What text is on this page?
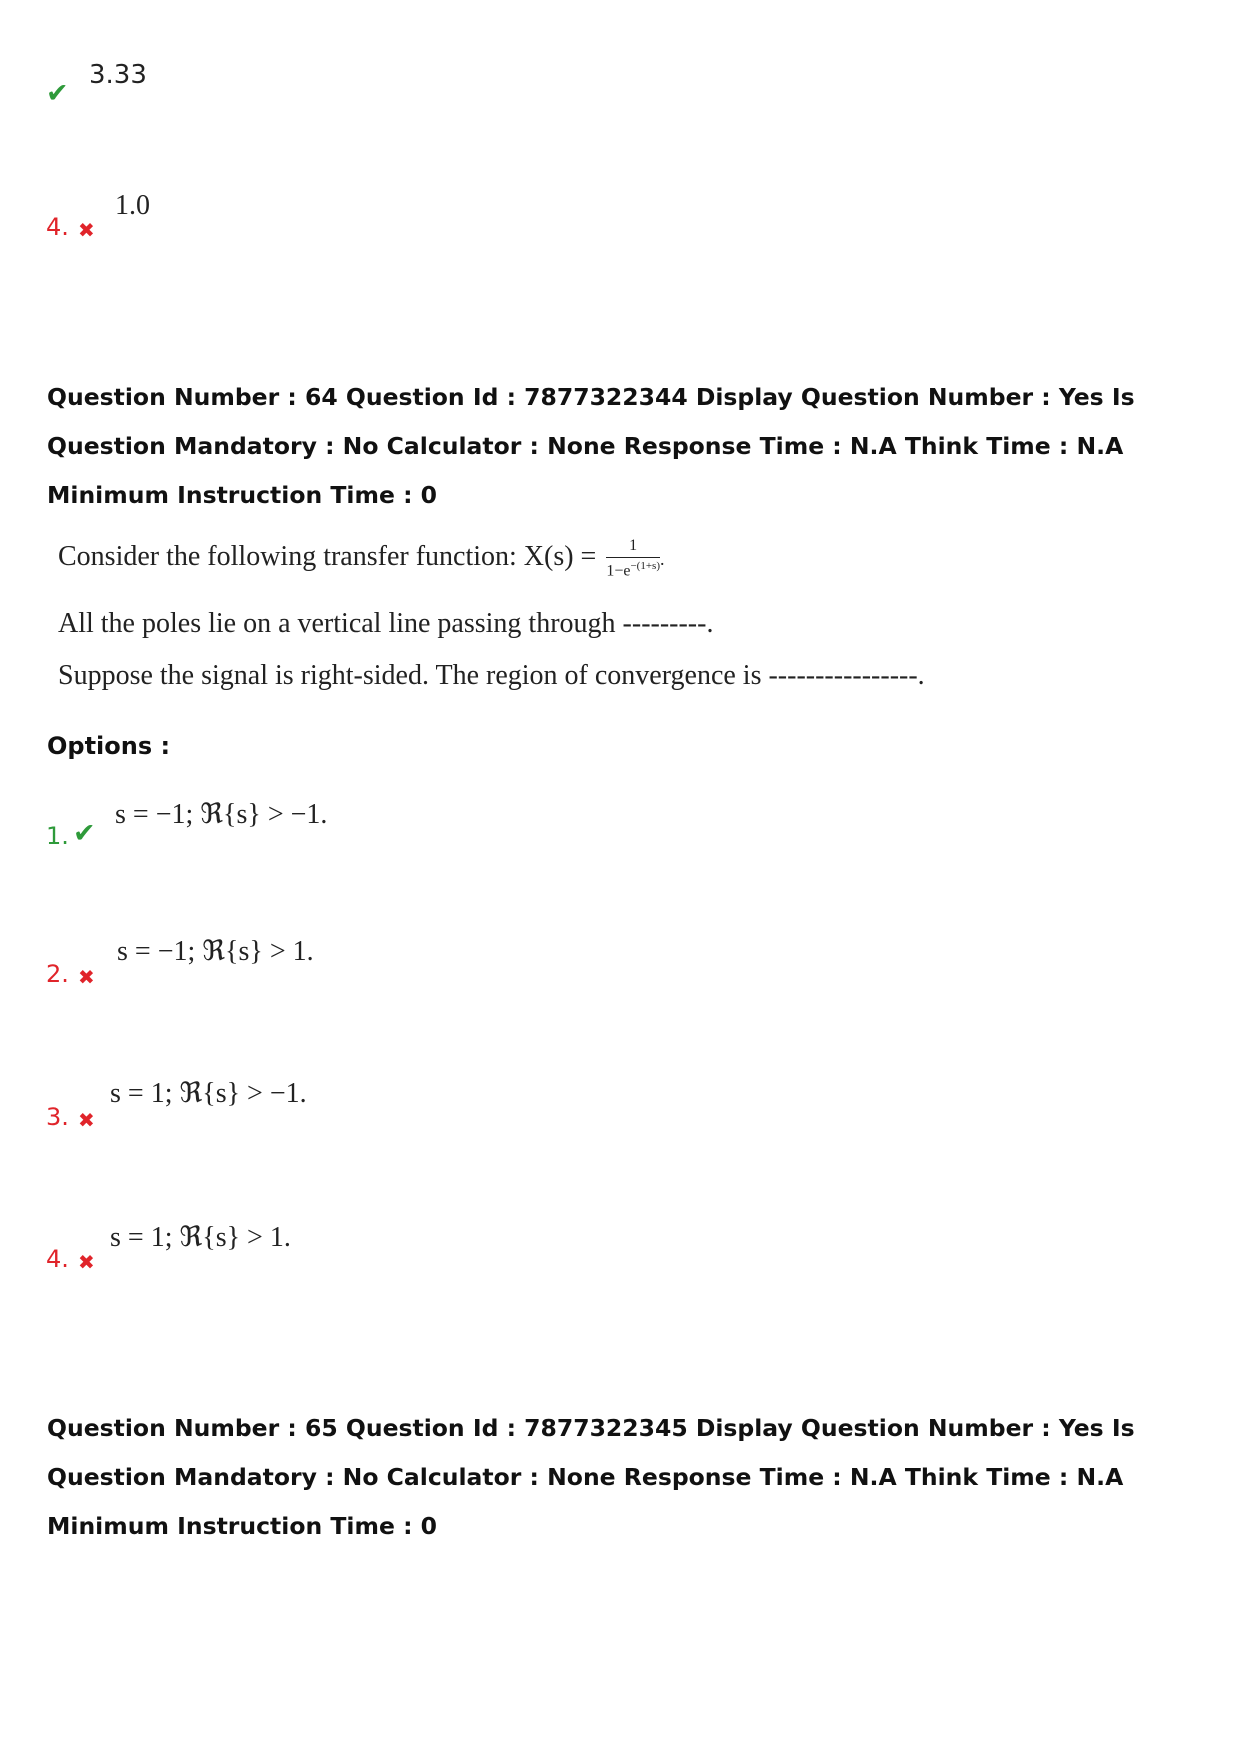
✔
3.33
4. ✖
1.0
Question Number : 64 Question Id : 7877322344 Display Question Number : Yes Is Question Mandatory : No Calculator : None Response Time : N.A Think Time : N.A Minimum Instruction Time : 0
Consider the following transfer function: $X(s) = \frac{1}{1-e^{-(1+s)}}$ .
All the poles lie on a vertical line passing through ---------.
Suppose the signal is right-sided. The region of convergence is ----------------.
Options :
1. ✔
s = −1; ℜ{s} > −1.
2. ✖
s = −1; ℜ{s} > 1.
3. ✖
s = 1; ℜ{s} > −1.
4. ✖
s = 1; ℜ{s} > 1.
Question Number : 65 Question Id : 7877322345 Display Question Number : Yes Is Question Mandatory : No Calculator : None Response Time : N.A Think Time : N.A Minimum Instruction Time : 0
